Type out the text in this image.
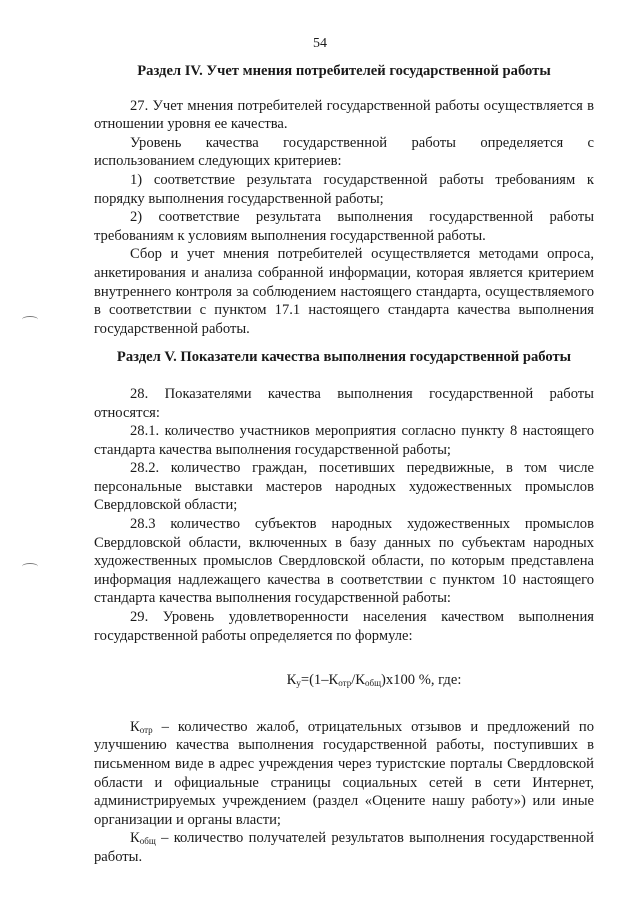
54
Раздел IV. Учет мнения потребителей государственной работы

27. Учет мнения потребителей государственной работы осуществляется в отношении уровня ее качества.

Уровень качества государственной работы определяется с использованием следующих критериев:

1) соответствие результата государственной работы требованиям к порядку выполнения государственной работы;

2) соответствие результата выполнения государственной работы требованиям к условиям выполнения государственной работы.

Сбор и учет мнения потребителей осуществляется методами опроса, анкетирования и анализа собранной информации, которая является критерием внутреннего контроля за соблюдением настоящего стандарта, осуществляемого в соответствии с пунктом 17.1 настоящего стандарта качества выполнения государственной работы.

Раздел V. Показатели качества выполнения государственной работы

28. Показателями качества выполнения государственной работы относятся:

28.1. количество участников мероприятия согласно пункту 8 настоящего стандарта качества выполнения государственной работы;

28.2. количество граждан, посетивших передвижные, в том числе персональные выставки мастеров народных художественных промыслов Свердловской области;

28.3 количество субъектов народных художественных промыслов Свердловской области, включенных в базу данных по субъектам народных художественных промыслов Свердловской области, по которым представлена информация надлежащего качества в соответствии с пунктом 10 настоящего стандарта качества выполнения государственной работы:

29. Уровень удовлетворенности населения качеством выполнения государственной работы определяется по формуле:

$К_у=(1-К_{отр}/К_{общ})х100$ %, где:

$К_{отр}$ – количество жалоб, отрицательных отзывов и предложений по улучшению качества выполнения государственной работы, поступивших в письменном виде в адрес учреждения через туристские порталы Свердловской области и официальные страницы социальных сетей в сети Интернет, администрируемых учреждением (раздел «Оцените нашу работу») или иные организации и органы власти;

$К_{общ}$ – количество получателей результатов выполнения государственной работы.
